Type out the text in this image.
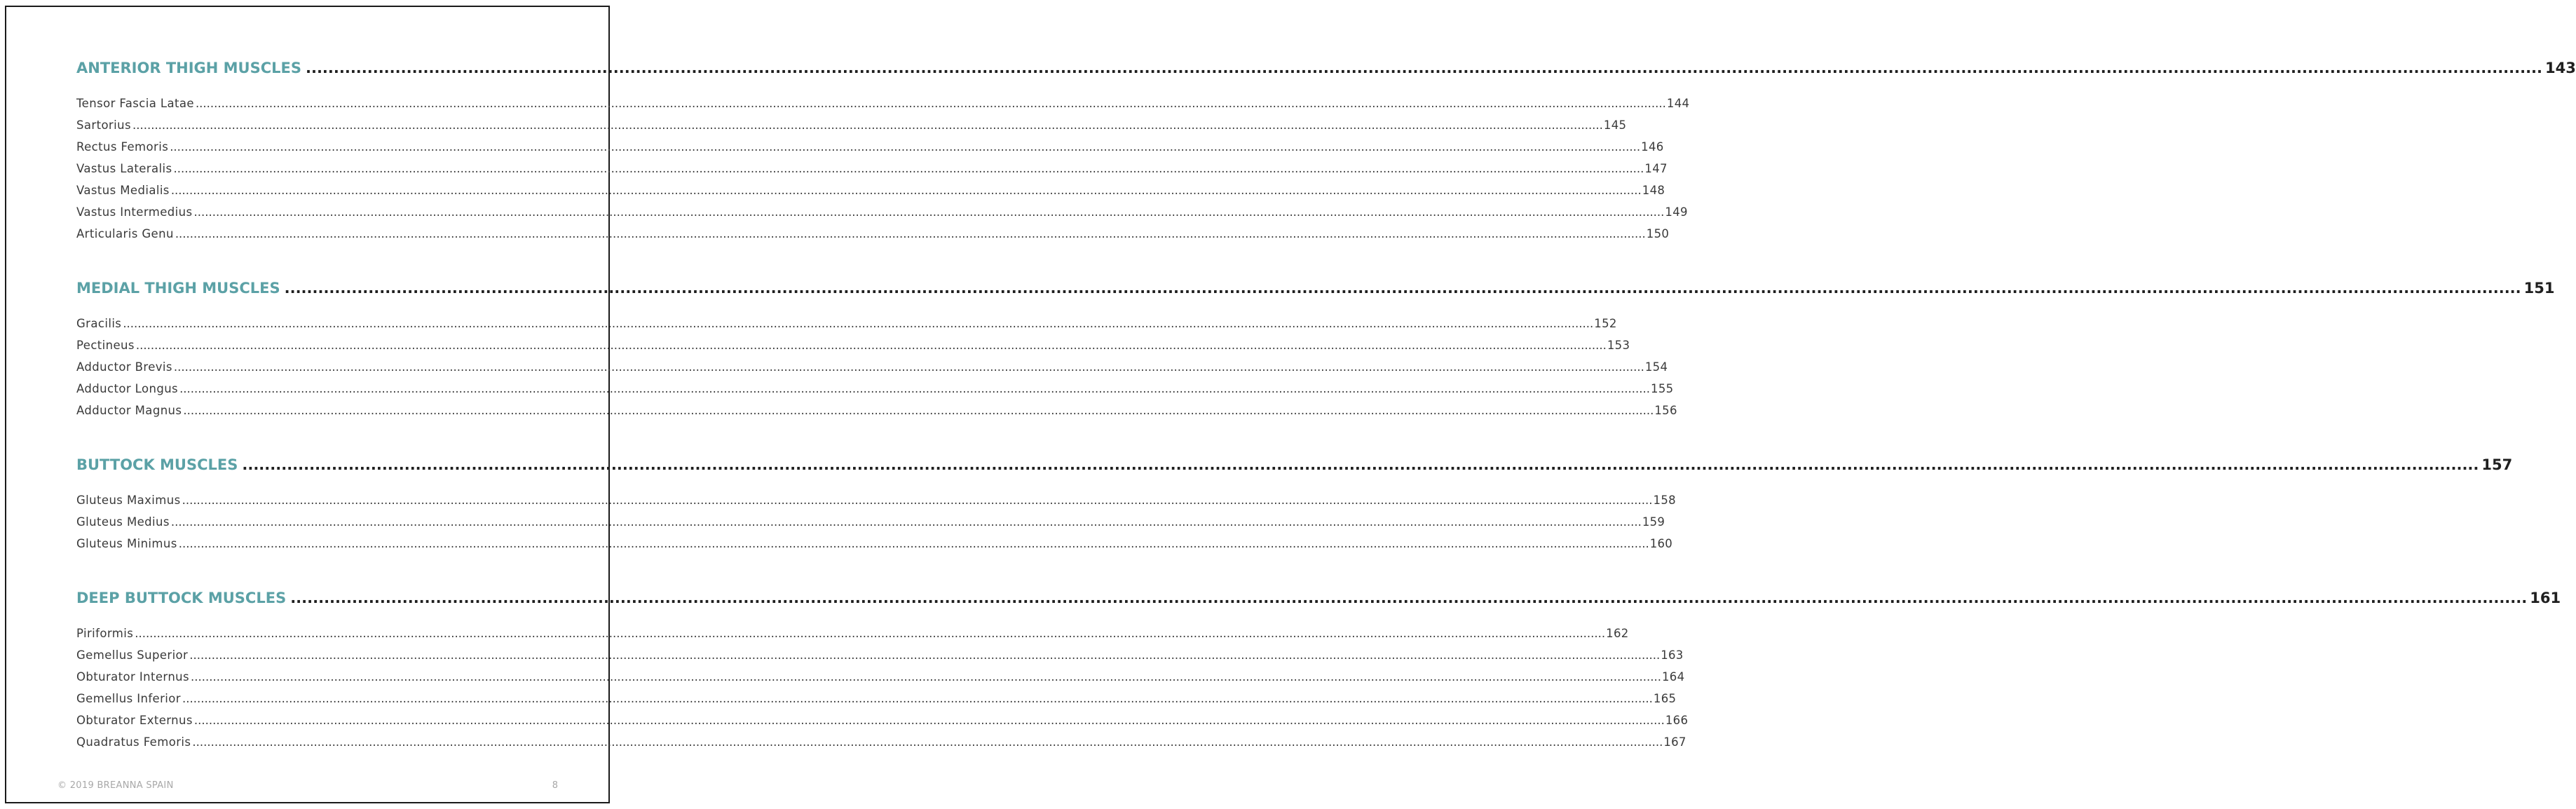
ANTERIOR THIGH MUSCLES ................................................................................................................................................................................................................................................................................................................................................................................................................ 143
Tensor Fascia Latae ................................................................................................................................................................................................................................................................................................................................................................................................................ 144
Sartorius ................................................................................................................................................................................................................................................................................................................................................................................................................ 145
Rectus Femoris ................................................................................................................................................................................................................................................................................................................................................................................................................ 146
Vastus Lateralis ................................................................................................................................................................................................................................................................................................................................................................................................................ 147
Vastus Medialis ................................................................................................................................................................................................................................................................................................................................................................................................................ 148
Vastus Intermedius ................................................................................................................................................................................................................................................................................................................................................................................................................ 149
Articularis Genu ................................................................................................................................................................................................................................................................................................................................................................................................................ 150
MEDIAL THIGH MUSCLES ................................................................................................................................................................................................................................................................................................................................................................................................................ 151
Gracilis ................................................................................................................................................................................................................................................................................................................................................................................................................ 152
Pectineus ................................................................................................................................................................................................................................................................................................................................................................................................................ 153
Adductor Brevis ................................................................................................................................................................................................................................................................................................................................................................................................................ 154
Adductor Longus ................................................................................................................................................................................................................................................................................................................................................................................................................ 155
Adductor Magnus ................................................................................................................................................................................................................................................................................................................................................................................................................ 156
BUTTOCK MUSCLES ................................................................................................................................................................................................................................................................................................................................................................................................................ 157
Gluteus Maximus ................................................................................................................................................................................................................................................................................................................................................................................................................ 158
Gluteus Medius ................................................................................................................................................................................................................................................................................................................................................................................................................ 159
Gluteus Minimus ................................................................................................................................................................................................................................................................................................................................................................................................................ 160
DEEP BUTTOCK MUSCLES ................................................................................................................................................................................................................................................................................................................................................................................................................ 161
Piriformis ................................................................................................................................................................................................................................................................................................................................................................................................................ 162
Gemellus Superior ................................................................................................................................................................................................................................................................................................................................................................................................................ 163
Obturator Internus ................................................................................................................................................................................................................................................................................................................................................................................................................ 164
Gemellus Inferior ................................................................................................................................................................................................................................................................................................................................................................................................................ 165
Obturator Externus ................................................................................................................................................................................................................................................................................................................................................................................................................ 166
Quadratus Femoris ................................................................................................................................................................................................................................................................................................................................................................................................................ 167
© 2019 BREANNA SPAIN	8
